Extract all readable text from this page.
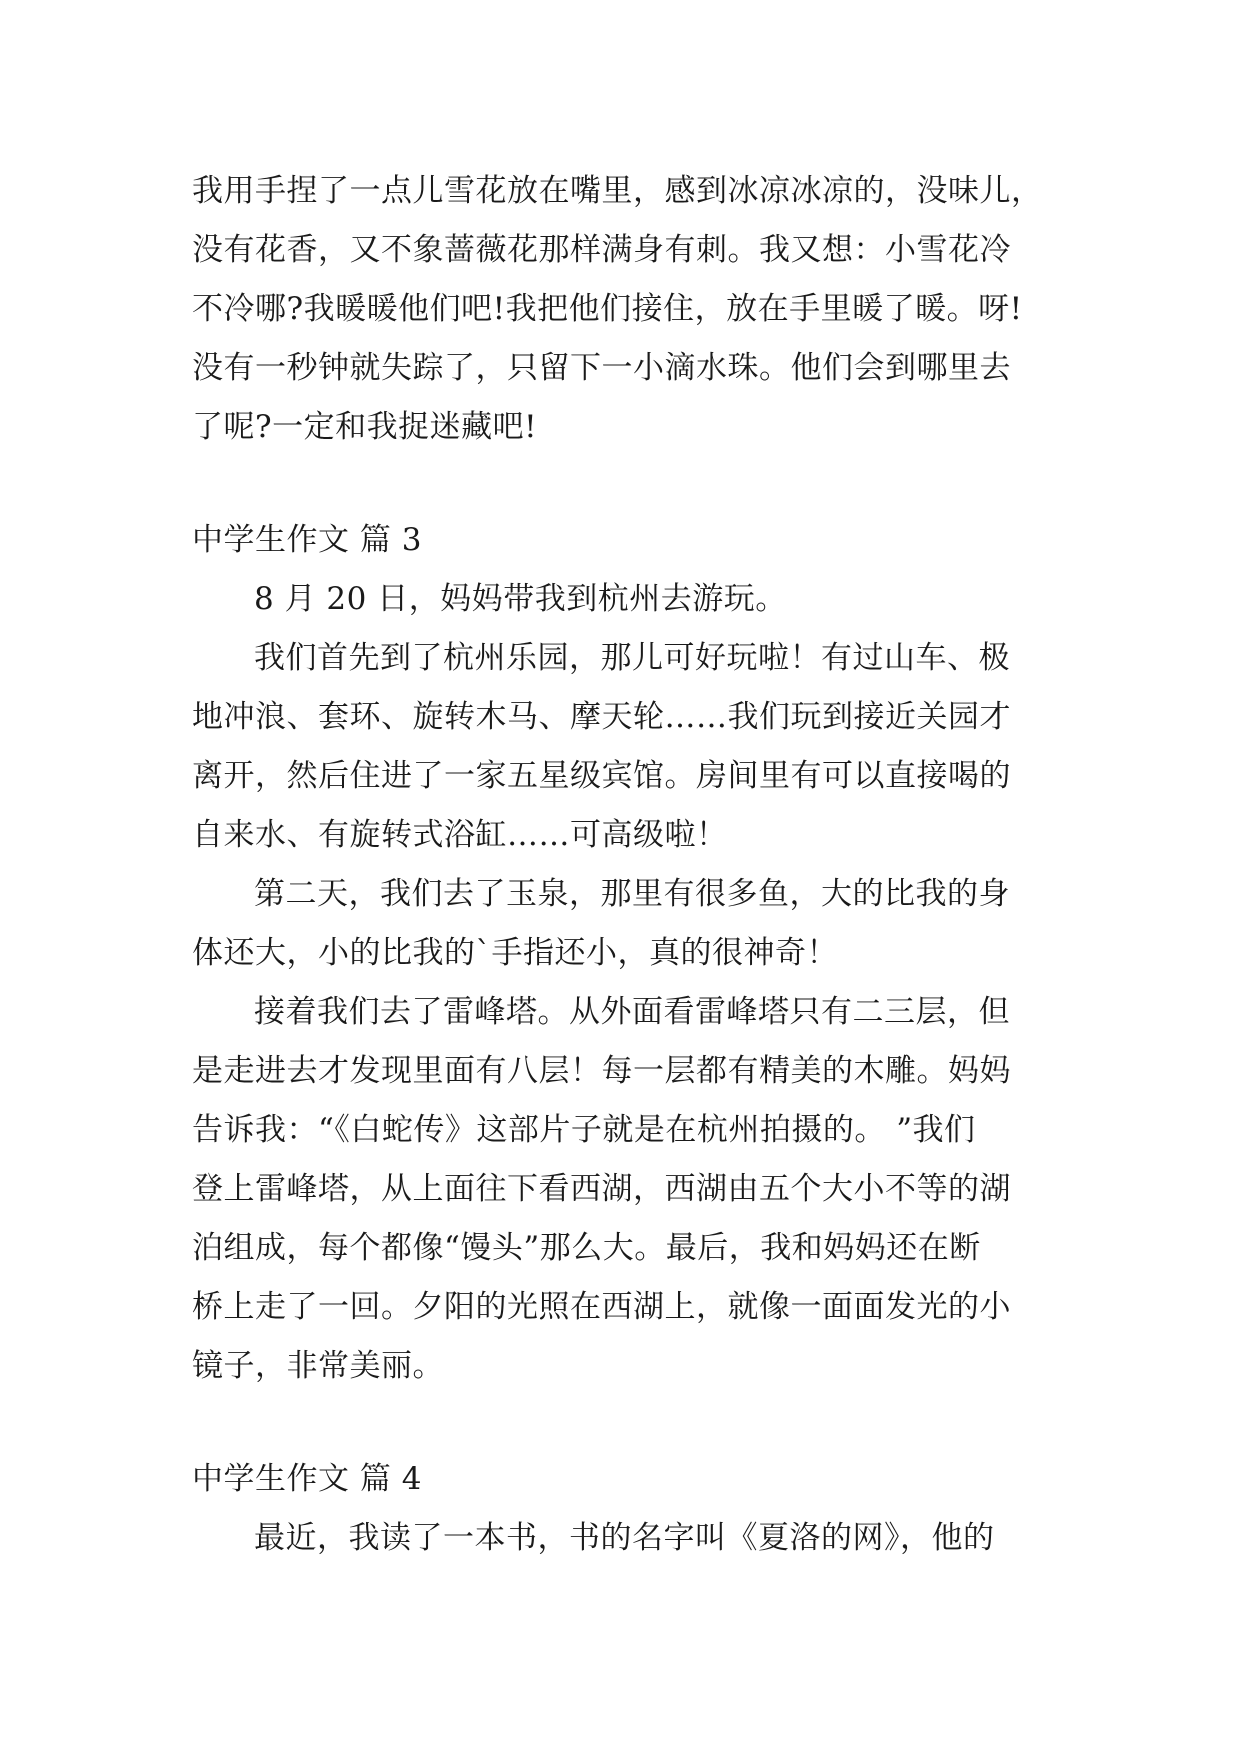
我用手捏了一点儿雪花放在嘴里，感到冰凉冰凉的，没味儿，
没有花香，又不象蔷薇花那样满身有刺。我又想：小雪花冷
不冷哪?我暖暖他们吧!我把他们接住，放在手里暖了暖。呀!
没有一秒钟就失踪了，只留下一小滴水珠。他们会到哪里去
了呢?一定和我捉迷藏吧!
中学生作文 篇 3
8 月 20 日，妈妈带我到杭州去游玩。
我们首先到了杭州乐园，那儿可好玩啦！有过山车、极
地冲浪、套环、旋转木马、摩天轮……我们玩到接近关园才
离开，然后住进了一家五星级宾馆。房间里有可以直接喝的
自来水、有旋转式浴缸……可高级啦！
第二天，我们去了玉泉，那里有很多鱼，大的比我的身
体还大，小的比我的`手指还小，真的很神奇！
接着我们去了雷峰塔。从外面看雷峰塔只有二三层，但
是走进去才发现里面有八层！每一层都有精美的木雕。妈妈
告诉我：“《白蛇传》这部片子就是在杭州拍摄的。 ”我们
登上雷峰塔，从上面往下看西湖，西湖由五个大小不等的湖
泊组成，每个都像“馒头”那么大。最后，我和妈妈还在断
桥上走了一回。夕阳的光照在西湖上，就像一面面发光的小
镜子，非常美丽。
中学生作文 篇 4
最近，我读了一本书，书的名字叫《夏洛的网》，他的
